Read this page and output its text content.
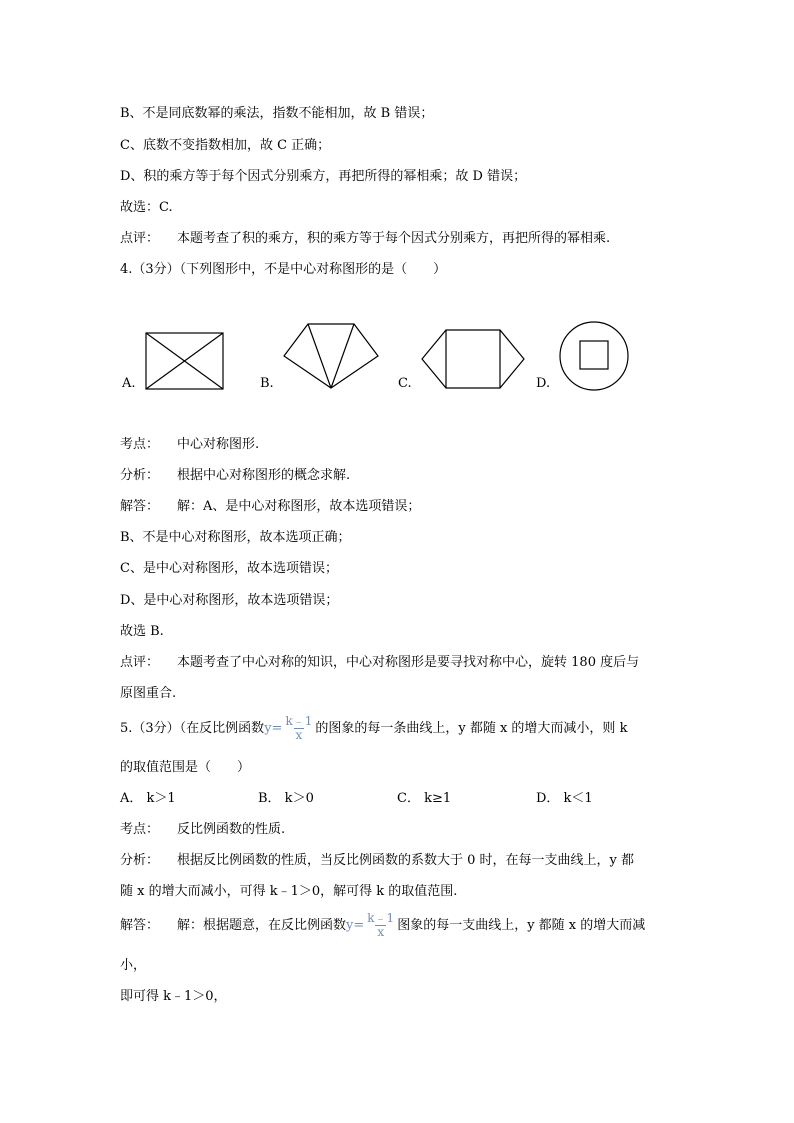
B、不是同底数幂的乘法，指数不能相加，故 B 错误；
C、底数不变指数相加，故 C 正确；
D、积的乘方等于每个因式分别乘方，再把所得的幂相乘；故 D 错误；
故选：C.
点评： 本题考查了积的乘方，积的乘方等于每个因式分别乘方，再把所得的幂相乘.
4.（3分）（下列图形中，不是中心对称图形的是（　　）
A.	B.	C.	D.
考点： 中心对称图形.
分析： 根据中心对称图形的概念求解.
解答： 解：A、是中心对称图形，故本选项错误；
B、不是中心对称图形，故本选项正确；
C、是中心对称图形，故本选项错误；
D、是中心对称图形，故本选项错误；
故选 B.
点评： 本题考查了中心对称的知识，中心对称图形是要寻找对称中心，旋转 180 度后与
原图重合.
5.（3分）（在反比例函数$y= \frac{k﹣1}{x}$ 的图象的每一条曲线上，y 都随 x 的增大而减小，则 k
的取值范围是（　　）
A． k＞1	B． k＞0	C． k≥1	D． k＜1
考点： 反比例函数的性质.
分析： 根据反比例函数的性质，当反比例函数的系数大于 0 时，在每一支曲线上，y 都
随 x 的增大而减小，可得 k﹣1＞0，解可得 k 的取值范围.
解答： 解：根据题意，在反比例函数$y= \frac{k﹣1}{x}$ 图象的每一支曲线上，y 都随 x 的增大而减
小，
即可得 k﹣1＞0，
